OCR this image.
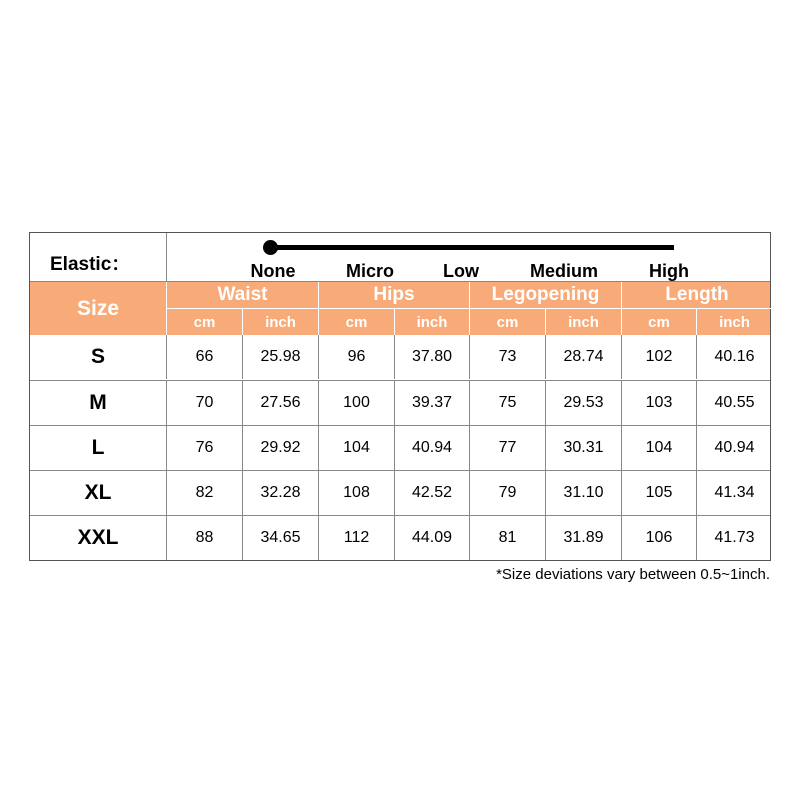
Elastic：	None	Micro	Low	Medium	High
Size
Waist	Hips	Legopening	Length
cm	inch	cm	inch	cm	inch	cm	inch
S	66	25.98	96	37.80	73	28.74	102	40.16
M	70	27.56	100	39.37	75	29.53	103	40.55
L	76	29.92	104	40.94	77	30.31	104	40.94
XL	82	32.28	108	42.52	79	31.10	105	41.34
XXL	88	34.65	112	44.09	81	31.89	106	41.73
*Size deviations vary between 0.5~1inch.
